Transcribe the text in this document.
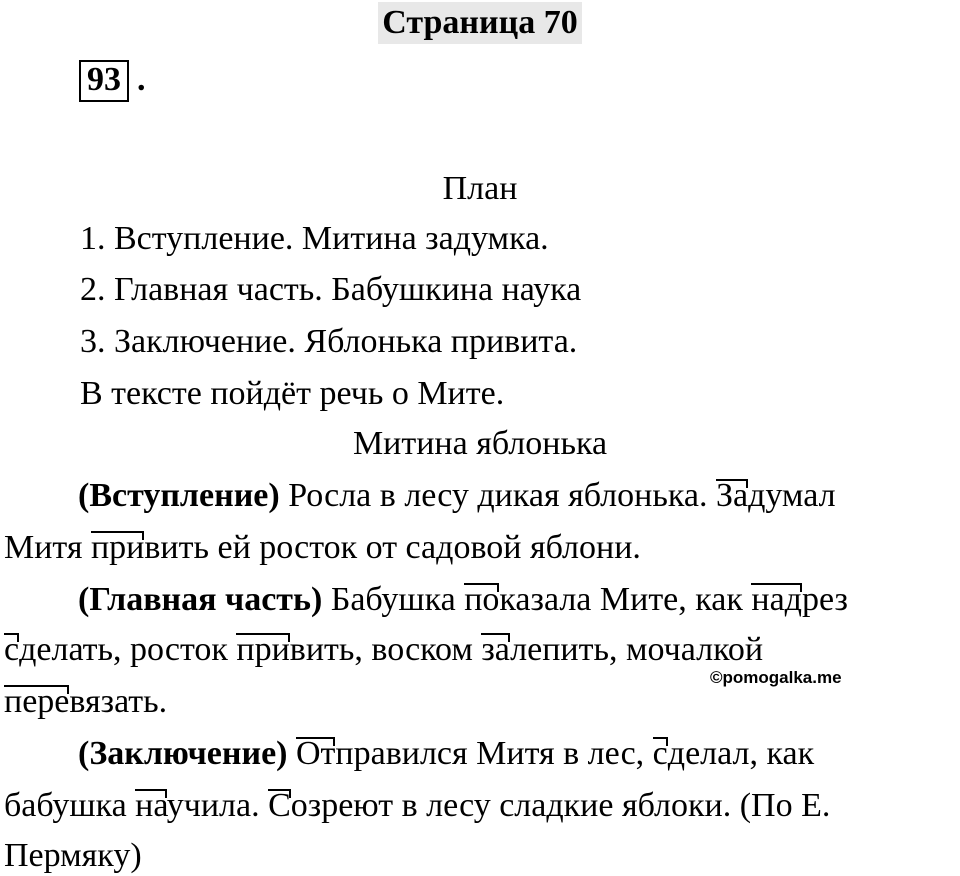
Страница 70
93 .
План
1. Вступление. Митина задумка.
2. Главная часть. Бабушкина наука
3. Заключение. Яблонька привита.
В тексте пойдёт речь о Мите.
Митина яблонька
(Вступление) Росла в лесу дикая яблонька. Задумал
Митя привить ей росток от садовой яблони.
(Главная часть) Бабушка показала Мите, как надрез
сделать, росток привить, воском залепить, мочалкой
©pomogalka.me
перевязать.
(Заключение) Отправился Митя в лес, сделал, как
бабушка научила. Созреют в лесу сладкие яблоки. (По Е.
Пермяку)
